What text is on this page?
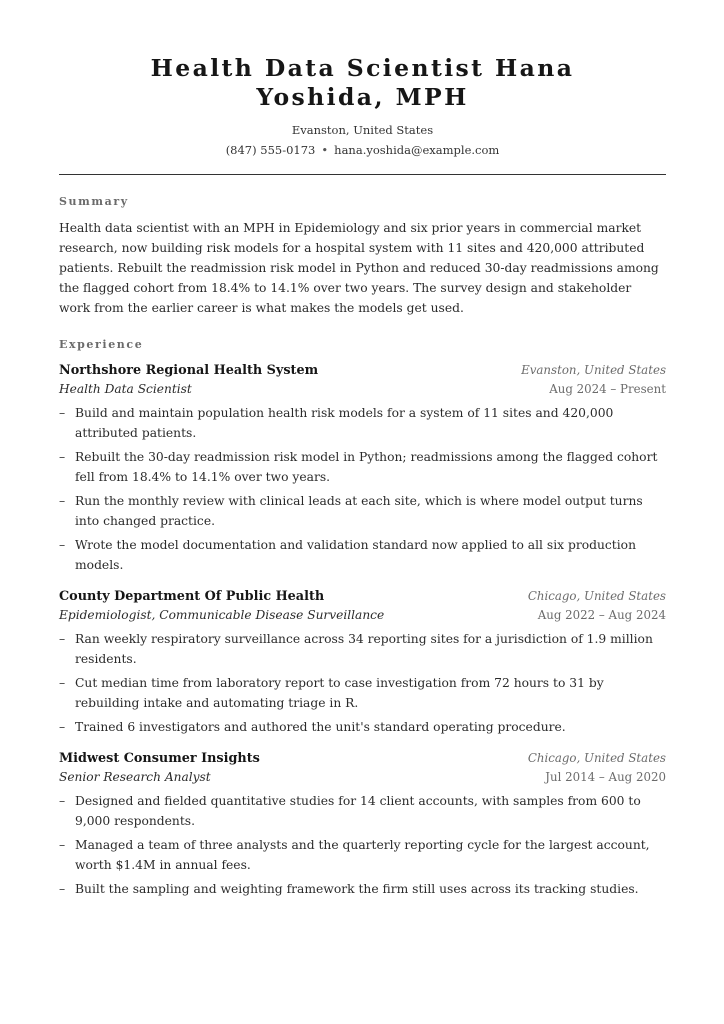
Health Data Scientist Hana Yoshida, MPH
Evanston, United States
(847) 555-0173 • hana.yoshida@example.com
Summary

Health data scientist with an MPH in Epidemiology and six prior years in commercial market research, now building risk models for a hospital system with 11 sites and 420,000 attributed patients. Rebuilt the readmission risk model in Python and reduced 30-day readmissions among the flagged cohort from 18.4% to 14.1% over two years. The survey design and stakeholder work from the earlier career is what makes the models get used.

Experience
Northshore Regional Health System	Evanston, United States
Health Data Scientist	Aug 2024 – Present
– Build and maintain population health risk models for a system of 11 sites and 420,000 attributed patients.
– Rebuilt the 30-day readmission risk model in Python; readmissions among the flagged cohort fell from 18.4% to 14.1% over two years.
– Run the monthly review with clinical leads at each site, which is where model output turns into changed practice.
– Wrote the model documentation and validation standard now applied to all six production models.
County Department Of Public Health	Chicago, United States
Epidemiologist, Communicable Disease Surveillance	Aug 2022 – Aug 2024
– Ran weekly respiratory surveillance across 34 reporting sites for a jurisdiction of 1.9 million residents.
– Cut median time from laboratory report to case investigation from 72 hours to 31 by rebuilding intake and automating triage in R.
– Trained 6 investigators and authored the unit's standard operating procedure.
Midwest Consumer Insights	Chicago, United States
Senior Research Analyst	Jul 2014 – Aug 2020
– Designed and fielded quantitative studies for 14 client accounts, with samples from 600 to 9,000 respondents.
– Managed a team of three analysts and the quarterly reporting cycle for the largest account, worth $1.4M in annual fees.
– Built the sampling and weighting framework the firm still uses across its tracking studies.
